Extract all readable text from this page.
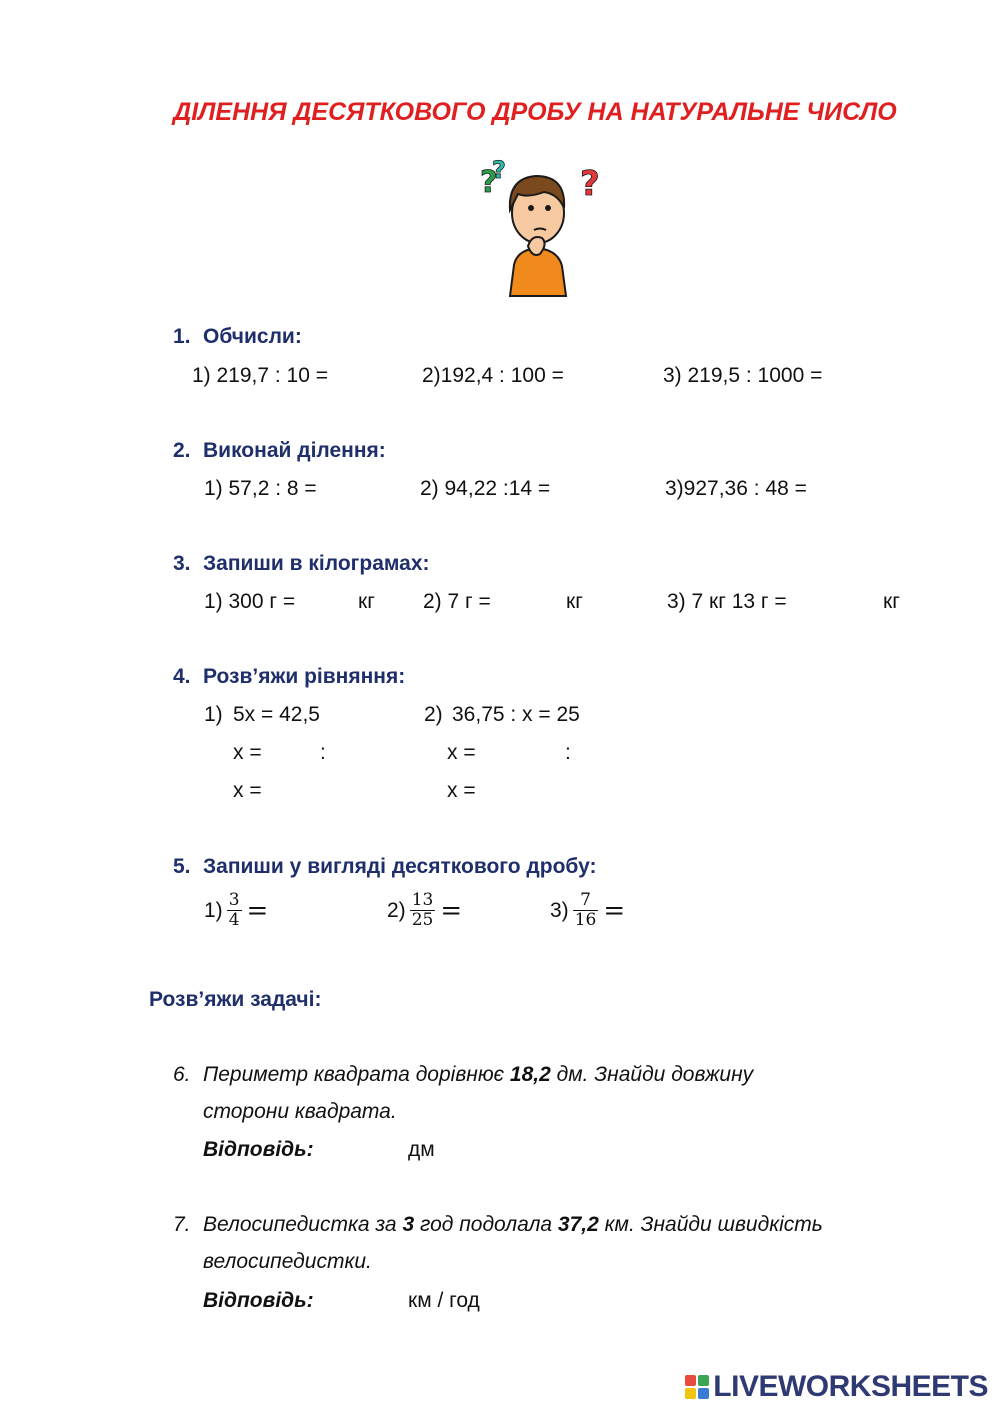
ДІЛЕННЯ ДЕСЯТКОВОГО ДРОБУ НА НАТУРАЛЬНЕ ЧИСЛО
?
? ?
1. Обчисли:
1) 219,7 : 10 =	2)192,4 : 100 =	3) 219,5 : 1000 =
2. Виконай ділення:
1) 57,2 : 8 =	2) 94,22 :14 =	3)927,36 : 48 =
3. Запиши в кілограмах:
1) 300 г =	кг 2) 7 г =	кг	3) 7 кг 13 г =	кг
4. Розв’яжи рівняння:
1) 5х = 42,5
х =	:
х =
2) 36,75 : х = 25
х =	:
х =
5. Запиши у вигляді десяткового дробу:
$1) \frac{3}{4}$ =	$2) \frac{13}{25}$ =	$3) \frac{7}{16}$ =
Розв’яжи задачі:
6. Периметр квадрата дорівнює 18,2 дм. Знайди довжину
сторони квадрата.
Відповідь:	дм
7. Велосипедистка за 3 год подолала 37,2 км. Знайди швидкість
велосипедистки.
Відповідь:	км / год
LIVEWORKSHEETS
